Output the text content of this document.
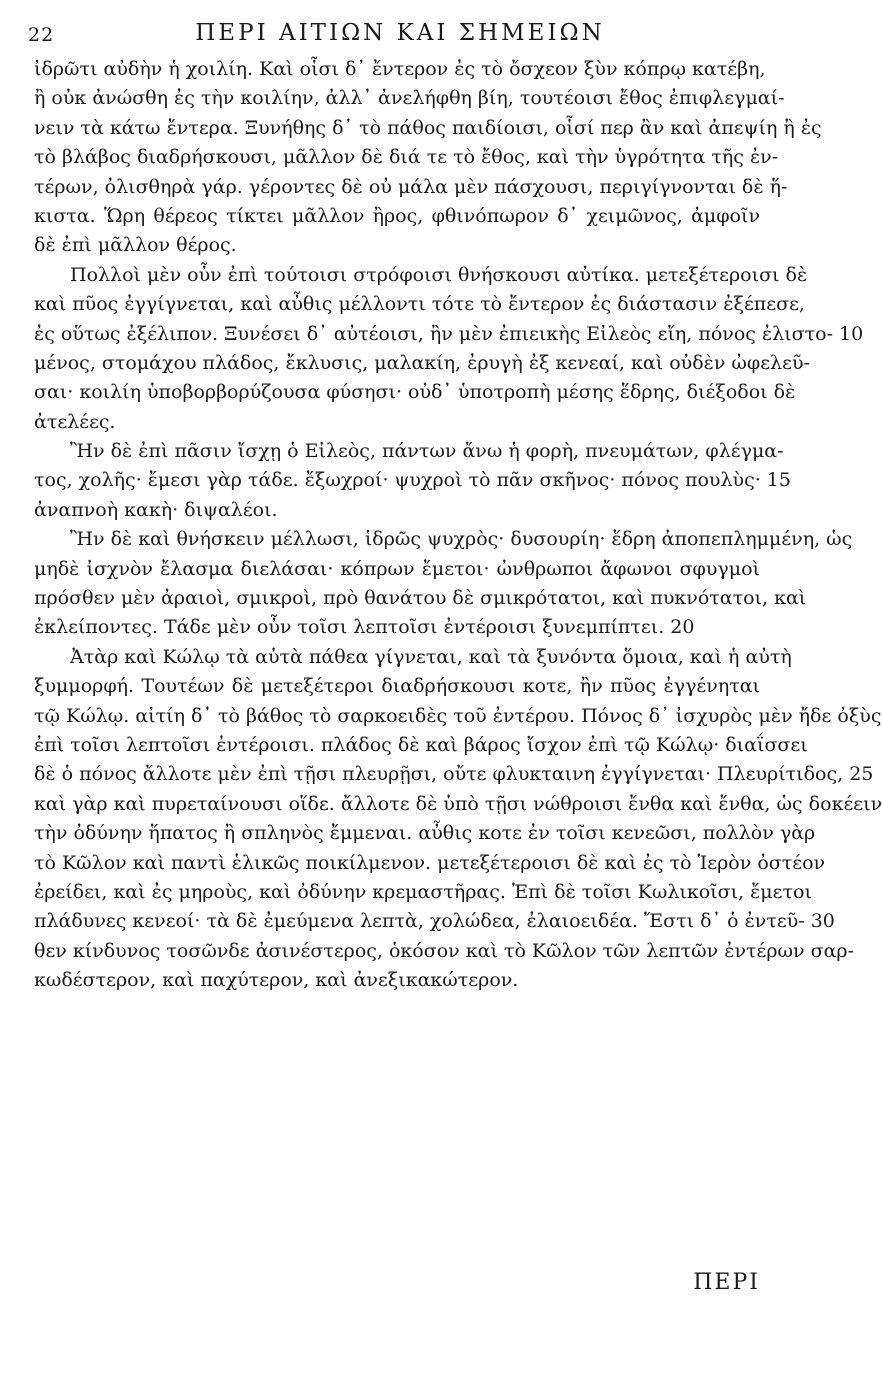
22	ΠΕΡΙ ΑΙΤΙΩΝ ΚΑΙ ΣΗΜΕΙΩΝ
ἰδρῶτι αὐδὴν ἡ χοιλίη. Καὶ οἷσι δ᾽ ἔντερον ἐς τὸ ὄσχεον ξὺν κόπρῳ κατέβη,
ἢ οὐκ ἀνώσθη ἐς τὴν κοιλίην, ἀλλ᾽ ἀνελήφθη βίη, τουτέοισι ἔθος ἐπιφλεγμαί-
νειν τὰ κάτω ἔντερα. Ξυνήθης δ᾽ τὸ πάθος παιδίοισι, οἷσί περ ἂν καὶ ἀπεψίη ἢ ἐς
τὸ βλάβος διαδρήσκουσι, μᾶλλον δὲ διά τε τὸ ἔθος, καὶ τὴν ὑγρότητα τῆς ἐν-
τέρων, ὀλισθηρὰ γάρ. γέροντες δὲ οὐ μάλα μὲν πάσχουσι, περιγίγνονται δὲ ἥ-
κιστα. Ὥρη θέρεος τίκτει μᾶλλον ἢρος, φθινόπωρον δ᾽ χειμῶνος, ἀμφοῖν
δὲ ἐπὶ μᾶλλον θέρος.
Πολλοὶ μὲν οὖν ἐπὶ τούτοισι στρόφοισι θνήσκουσι αὐτίκα. μετεξέτεροισι δὲ
καὶ πῦος ἐγγίγνεται, καὶ αὖθις μέλλοντι τότε τὸ ἔντερον ἐς διάστασιν ἐξέπεσε,
ἐς οὕτως ἐξέλιπον. Ξυνέσει δ᾽ αὐτέοισι, ἢν μὲν ἐπιεικὴς Εἰλεὸς εἴη, πόνος ἐλιστο- 10
μένος, στομάχου πλάδος, ἔκλυσις, μαλακίη, ἐρυγὴ ἐξ κενεαί, καὶ οὐδὲν ὠφελεῦ-
σαι· κοιλίη ὑποβορβορύζουσα φύσησι· οὐδ᾽ ὑποτροπὴ μέσης ἕδρης, διέξοδοι δὲ
ἀτελέες.
Ἢν δὲ ἐπὶ πᾶσιν ἴσχῃ ὁ Εἰλεὸς, πάντων ἄνω ἡ φορὴ, πνευμάτων, φλέγμα-
τος, χολῆς· ἔμεσι γὰρ τάδε. ἔξωχροί· ψυχροὶ τὸ πᾶν σκῆνος· πόνος πουλὺς· 15
ἀναπνοὴ κακὴ· διψαλέοι.
Ἢν δὲ καὶ θνήσκειν μέλλωσι, ἱδρῶς ψυχρὸς· δυσουρίη· ἕδρη ἀποπεπλημμένη, ὡς
μηδὲ ἰσχνὸν ἔλασμα διελάσαι· κόπρων ἔμετοι· ὠνθρωποι ἄφωνοι σφυγμοὶ
πρόσθεν μὲν ἀραιοὶ, σμικροὶ, πρὸ θανάτου δὲ σμικρότατοι, καὶ πυκνότατοι, καὶ
ἐκλείποντες. Τάδε μὲν οὖν τοῖσι λεπτοῖσι ἐντέροισι ξυνεμπίπτει. 20
Ἀτὰρ καὶ Κώλῳ τὰ αὐτὰ πάθεα γίγνεται, καὶ τὰ ξυνόντα ὅμοια, καὶ ἡ αὐτὴ
ξυμμορφή. Τουτέων δὲ μετεξέτεροι διαδρήσκουσι κοτε, ἢν πῦος ἐγγένηται
τῷ Κώλῳ. αἰτίη δ᾽ τὸ βάθος τὸ σαρκοειδὲς τοῦ ἐντέρου. Πόνος δ᾽ ἰσχυρὸς μὲν ἤδε ὀξὺς
ἐπὶ τοῖσι λεπτοῖσι ἐντέροισι. πλάδος δὲ καὶ βάρος ἴσχον ἐπὶ τῷ Κώλῳ· διαΐσσει
δὲ ὁ πόνος ἄλλοτε μὲν ἐπὶ τῇσι πλευρῇσι, οὔτε φλυκταινη ἐγγίγνεται· Πλευρίτιδος, 25
καὶ γὰρ καὶ πυρεταίνουσι οἵδε. ἄλλοτε δὲ ὑπὸ τῇσι νώθροισι ἔνθα καὶ ἔνθα, ὡς δοκέειν
τὴν ὀδύνην ἥπατος ἢ σπληνὸς ἔμμεναι. αὖθις κοτε ἐν τοῖσι κενεῶσι, πολλὸν γὰρ
τὸ Κῶλον καὶ παντὶ ἑλικῶς ποικίλμενον. μετεξέτεροισι δὲ καὶ ἐς τὸ Ἱερὸν ὀστέον
ἐρείδει, καὶ ἐς μηροὺς, καὶ ὀδύνην κρεμαστῆρας. Ἐπὶ δὲ τοῖσι Κωλικοῖσι, ἔμετοι
πλάδυνες κενεοί· τὰ δὲ ἐμεύμενα λεπτὰ, χολώδεα, ἐλαιοειδέα. Ἔστι δ᾽ ὁ ἐντεῦ- 30
θεν κίνδυνος τοσῶνδε ἀσινέστερος, ὁκόσον καὶ τὸ Κῶλον τῶν λεπτῶν ἐντέρων σαρ-
κωδέστερον, καὶ παχύτερον, καὶ ἀνεξικακώτερον.
ΠΕΡΙ
